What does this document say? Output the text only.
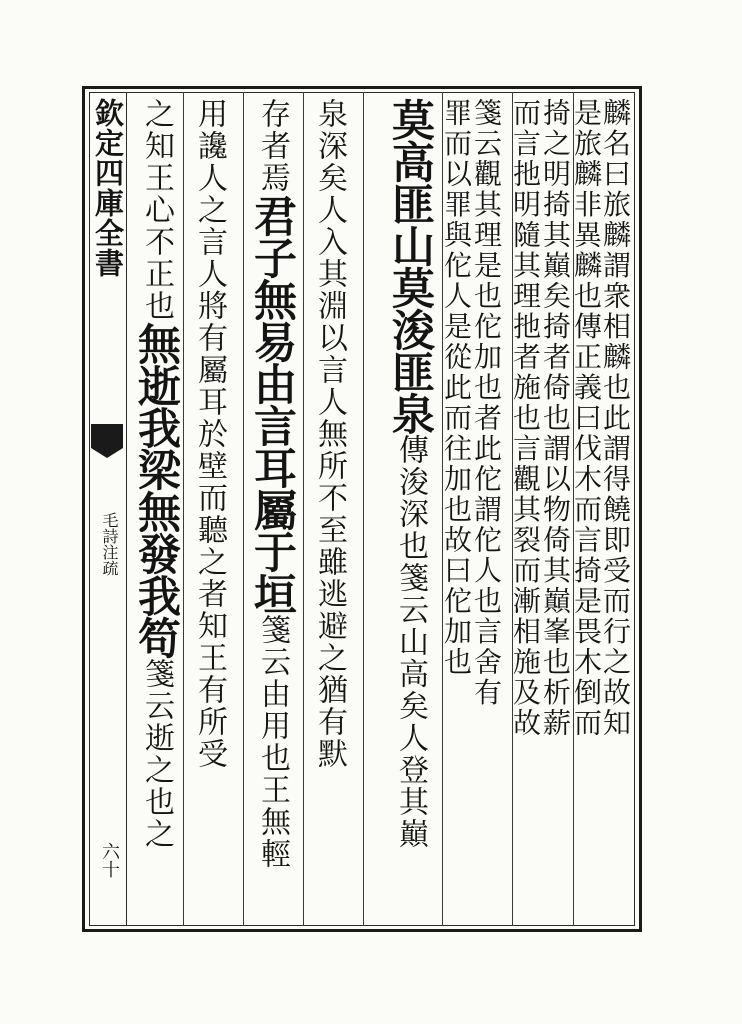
欽定四庫全書
毛詩注疏
六十
麟名曰旅麟謂衆相麟也此謂得饒即受而行之故知
是旅麟非異麟也傳正義曰伐木而言掎是畏木倒而
掎之明掎其巔矣掎者倚也謂以物倚其巔峯也析薪
而言扡明隨其理扡者施也言觀其裂而漸相施及故
箋云觀其理是也佗加也者此佗謂佗人也言舍有
罪而以罪與佗人是從此而往加也故曰佗加也
莫高匪山莫浚匪泉傳浚深也箋云山高矣人登其巔
泉深矣人入其淵以言人無所不至雖逃避之猶有默
存者焉君子無易由言耳屬于垣箋云由用也王無輕
用讒人之言人將有屬耳於壁而聽之者知王有所受
之知王心不正也無逝我梁無發我笱箋云逝之也之
